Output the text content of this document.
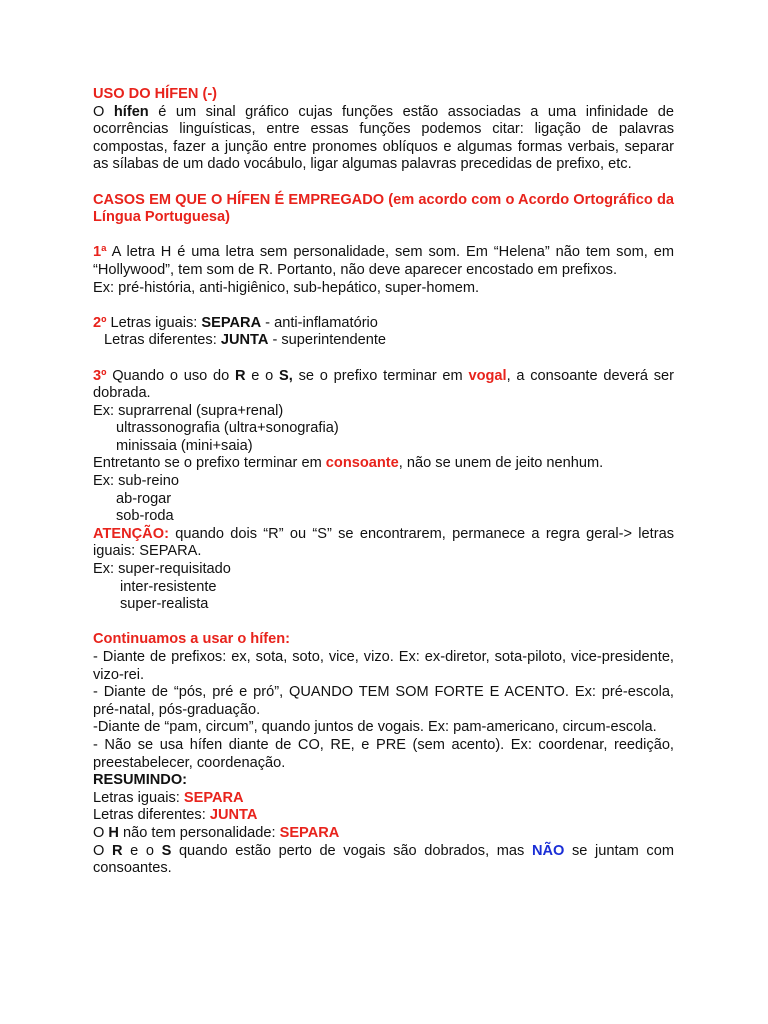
USO DO HÍFEN (-)

O hífen é um sinal gráfico cujas funções estão associadas a uma infinidade de ocorrências linguísticas, entre essas funções podemos citar: ligação de palavras compostas, fazer a junção entre pronomes oblíquos e algumas formas verbais, separar as sílabas de um dado vocábulo, ligar algumas palavras precedidas de prefixo, etc.

CASOS EM QUE O HÍFEN É EMPREGADO (em acordo com o Acordo Ortográfico da Língua Portuguesa)

1ª A letra H é uma letra sem personalidade, sem som. Em “Helena” não tem som, em “Hollywood”, tem som de R. Portanto, não deve aparecer encostado em prefixos.

Ex: pré-história, anti-higiênico, sub-hepático, super-homem.

2º Letras iguais: SEPARA - anti-inflamatório

Letras diferentes: JUNTA - superintendente

3º Quando o uso do R e o S, se o prefixo terminar em vogal, a consoante deverá ser dobrada.

Ex: suprarrenal (supra+renal)

ultrassonografia (ultra+sonografia)

minissaia (mini+saia)

Entretanto se o prefixo terminar em consoante, não se unem de jeito nenhum.

Ex: sub-reino

ab-rogar

sob-roda

ATENÇÃO: quando dois “R” ou “S” se encontrarem, permanece a regra geral-> letras iguais: SEPARA.

Ex: super-requisitado

inter-resistente

super-realista

Continuamos a usar o hífen:

- Diante de prefixos: ex, sota, soto, vice, vizo. Ex: ex-diretor, sota-piloto, vice-presidente, vizo-rei.

- Diante de “pós, pré e pró”, QUANDO TEM SOM FORTE E ACENTO. Ex: pré-escola, pré-natal, pós-graduação.

-Diante de “pam, circum”, quando juntos de vogais. Ex: pam-americano, circum-escola.

- Não se usa hífen diante de CO, RE, e PRE (sem acento). Ex: coordenar, reedição, preestabelecer, coordenação.

RESUMINDO:

Letras iguais: SEPARA

Letras diferentes: JUNTA

O H não tem personalidade: SEPARA

O R e o S quando estão perto de vogais são dobrados, mas NÃO se juntam com consoantes.
